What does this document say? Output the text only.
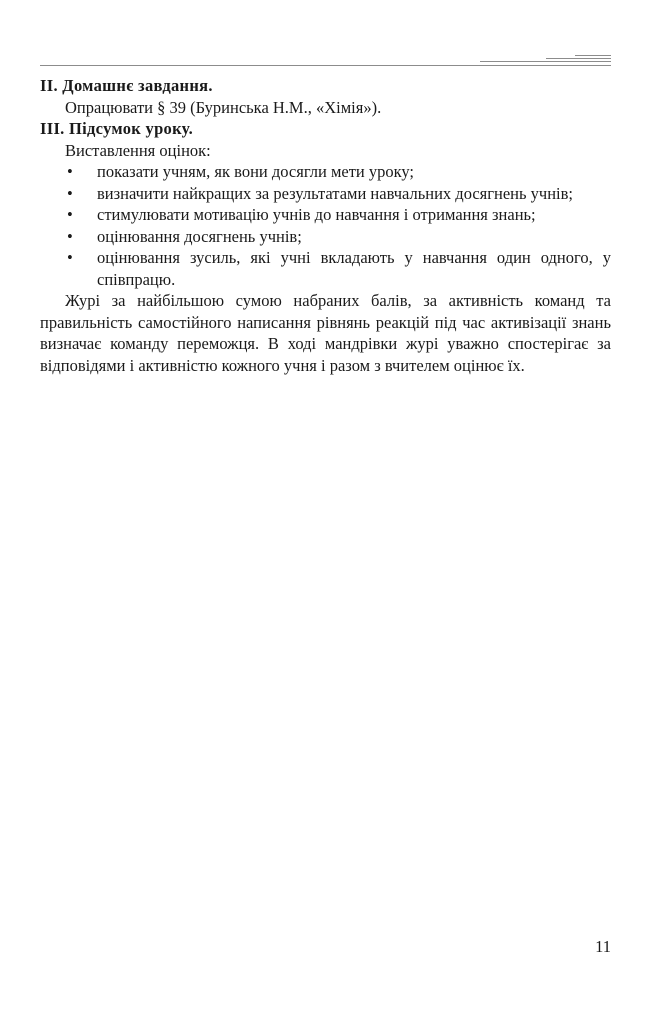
II. Домашнє завдання.
Опрацювати § 39 (Буринська Н.М., «Хімія»).
III. Підсумок уроку.
Виставлення оцінок:
• показати учням, як вони досягли мети уроку;
• визначити найкращих за результатами навчальних досягнень учнів;
• стимулювати мотивацію учнів до навчання і отримання знань;
• оцінювання досягнень учнів;
• оцінювання зусиль, які учні вкладають у навчання один одного, у співпрацю.
Журі за найбільшою сумою набраних балів, за активність команд та правильність самостійного написання рівнянь реакцій під час активізації знань визначає команду переможця. В ході мандрівки журі уважно спостерігає за відповідями і активністю кожного учня і разом з вчителем оцінює їх.
11
